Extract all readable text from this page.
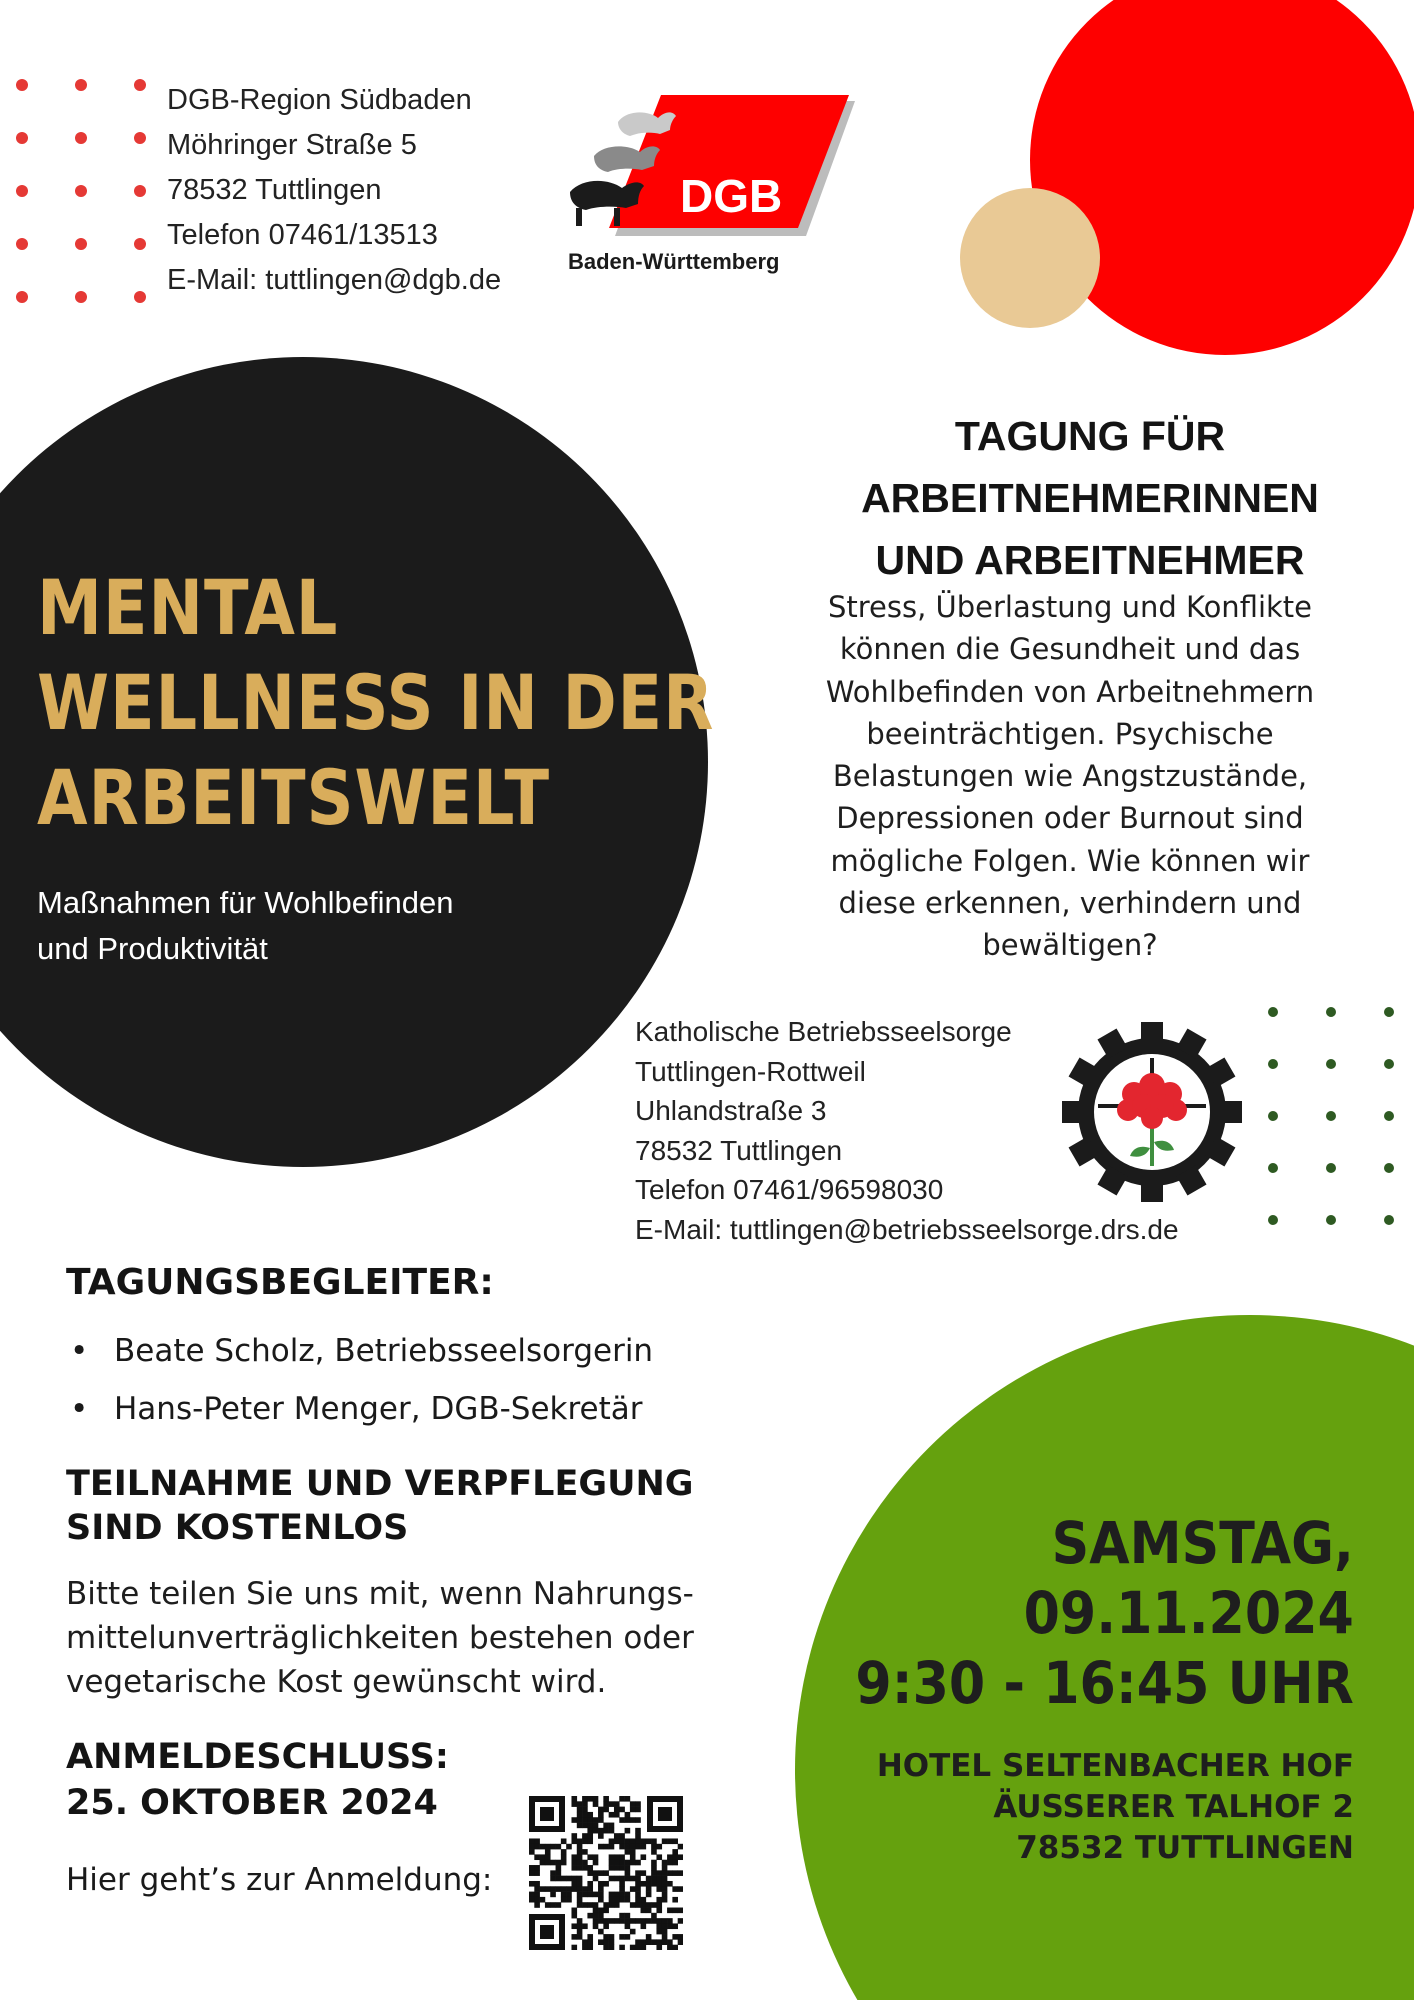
DGB-Region Südbaden
Möhringer Straße 5
78532 Tuttlingen
Telefon 07461/13513
E-Mail: tuttlingen@dgb.de
DGB
Baden-Württemberg
MENTAL
WELLNESS IN DER
ARBEITSWELT
Maßnahmen für Wohlbefinden
und Produktivität
TAGUNG FÜR
ARBEITNEHMERINNEN
UND ARBEITNEHMER
Stress, Überlastung und Konflikte
können die Gesundheit und das
Wohlbefinden von Arbeitnehmern
beeinträchtigen. Psychische
Belastungen wie Angstzustände,
Depressionen oder Burnout sind
mögliche Folgen. Wie können wir
diese erkennen, verhindern und
bewältigen?
Katholische Betriebsseelsorge
Tuttlingen-Rottweil
Uhlandstraße 3
78532 Tuttlingen
Telefon 07461/96598030
E-Mail: tuttlingen@betriebsseelsorge.drs.de
TAGUNGSBEGLEITER:
• Beate Scholz, Betriebsseelsorgerin
• Hans-Peter Menger, DGB-Sekretär
TEILNAHME UND VERPFLEGUNG
SIND KOSTENLOS
Bitte teilen Sie uns mit, wenn Nahrungs-
mittelunverträglichkeiten bestehen oder
vegetarische Kost gewünscht wird.
ANMELDESCHLUSS:
25. OKTOBER 2024
Hier geht’s zur Anmeldung:
SAMSTAG,
09.11.2024
9:30 - 16:45 UHR
HOTEL SELTENBACHER HOF
ÄUSSERER TALHOF 2
78532 TUTTLINGEN
